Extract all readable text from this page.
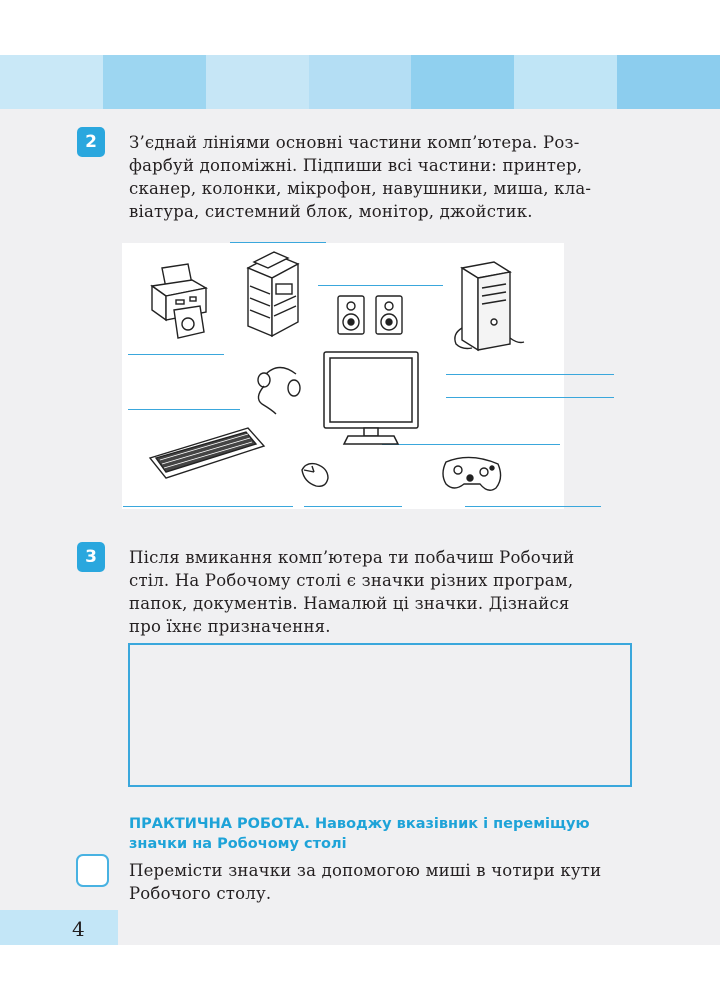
2	З’єднай лініями основні частини комп’ютера. Роз-
фарбуй допоміжні. Підпиши всі частини: принтер,
сканер, колонки, мікрофон, навушники, миша, кла-
віатура, системний блок, монітор, джойстик.
3	Після вмикання комп’ютера ти побачиш Робочий
стіл. На Робочому столі є значки різних програм,
папок, документів. Намалюй ці значки. Дізнайся
про їхнє призначення.
ПРАКТИЧНА РОБОТА. Наводжу вказівник і переміщую
значки на Робочому столі
Перемісти значки за допомогою миші в чотири кути
Робочого столу.
4
